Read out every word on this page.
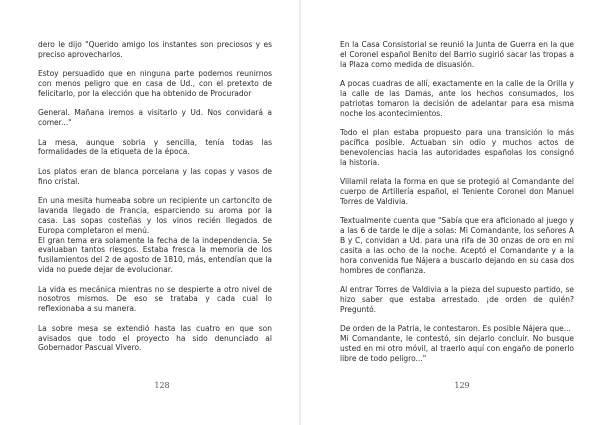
dero le dijo "Querido amigo los instantes son preciosos y es preciso aprovecharlos.

Estoy persuadido que en ninguna parte podemos reunirnos con menos peligro que en casa de Ud., con el pretexto de felicitarlo, por la elección que ha obtenido de Procurador

General. Mañana iremos a visitarlo y Ud. Nos convidará a comer..."

La mesa, aunque sobria y sencilla, tenía todas las formalidades de la etiqueta de la época.

Los platos eran de blanca porcelana y las copas y vasos de fino cristal.

En una mesita humeaba sobre un recipiente un cartoncito de lavanda llegado de Francia, esparciendo su aroma por la casa. Las sopas costeñas y los vinos recién llegados de Europa completaron el menú.

El gran tema era solamente la fecha de la independencia. Se evaluaban tantos riesgos. Estaba fresca la memoria de los fusilamientos del 2 de agosto de 1810, más, entendían que la vida no puede dejar de evolucionar.

La vida es mecánica mientras no se despierte a otro nivel de nosotros mismos. De eso se trataba y cada cual lo reflexionaba a su manera.

La sobre mesa se extendió hasta las cuatro en que son avisados que todo el proyecto ha sido denunciado al Gobernador Pascual Vivero.

128

En la Casa Consistorial se reunió la Junta de Guerra en la que el Coronel español Benito del Barrio sugirió sacar las tropas a la Plaza como medida de disuasión.

A pocas cuadras de allí, exactamente en la calle de la Orilla y la calle de las Damas, ante los hechos consumados, los patriotas tomaron la decisión de adelantar para esa misma noche los acontecimientos.

Todo el plan estaba propuesto para una transición lo más pacífica posible. Actuaban sin odio y muchos actos de benevolencias hacia las autoridades españolas los consignó la historia.

Villamil relata la forma en que se protegió al Comandante del cuerpo de Artillería español, el Teniente Coronel don Manuel Torres de Valdivia.

Textualmente cuenta que "Sabía que era aficionado al juego y a las 6 de tarde le dije a solas: Mi Comandante, los señores A B y C, convidan a Ud. para una rifa de 30 onzas de oro en mi casita a las ocho de la noche. Aceptó el Comandante y a la hora convenida fue Nájera a buscarlo dejando en su casa dos hombres de confianza.

Al entrar Torres de Valdivia a la pieza del supuesto partido, se hizo saber que estaba arrestado. ¡de orden de quién? Preguntó.

De orden de la Patria, le contestaron. Es posible Nájera que...

Mi Comandante, le contestó, sin dejarlo concluir. No busque usted en mi otro móvil, al traerlo aquí con engaño de ponerlo libre de todo peligro..."

129
